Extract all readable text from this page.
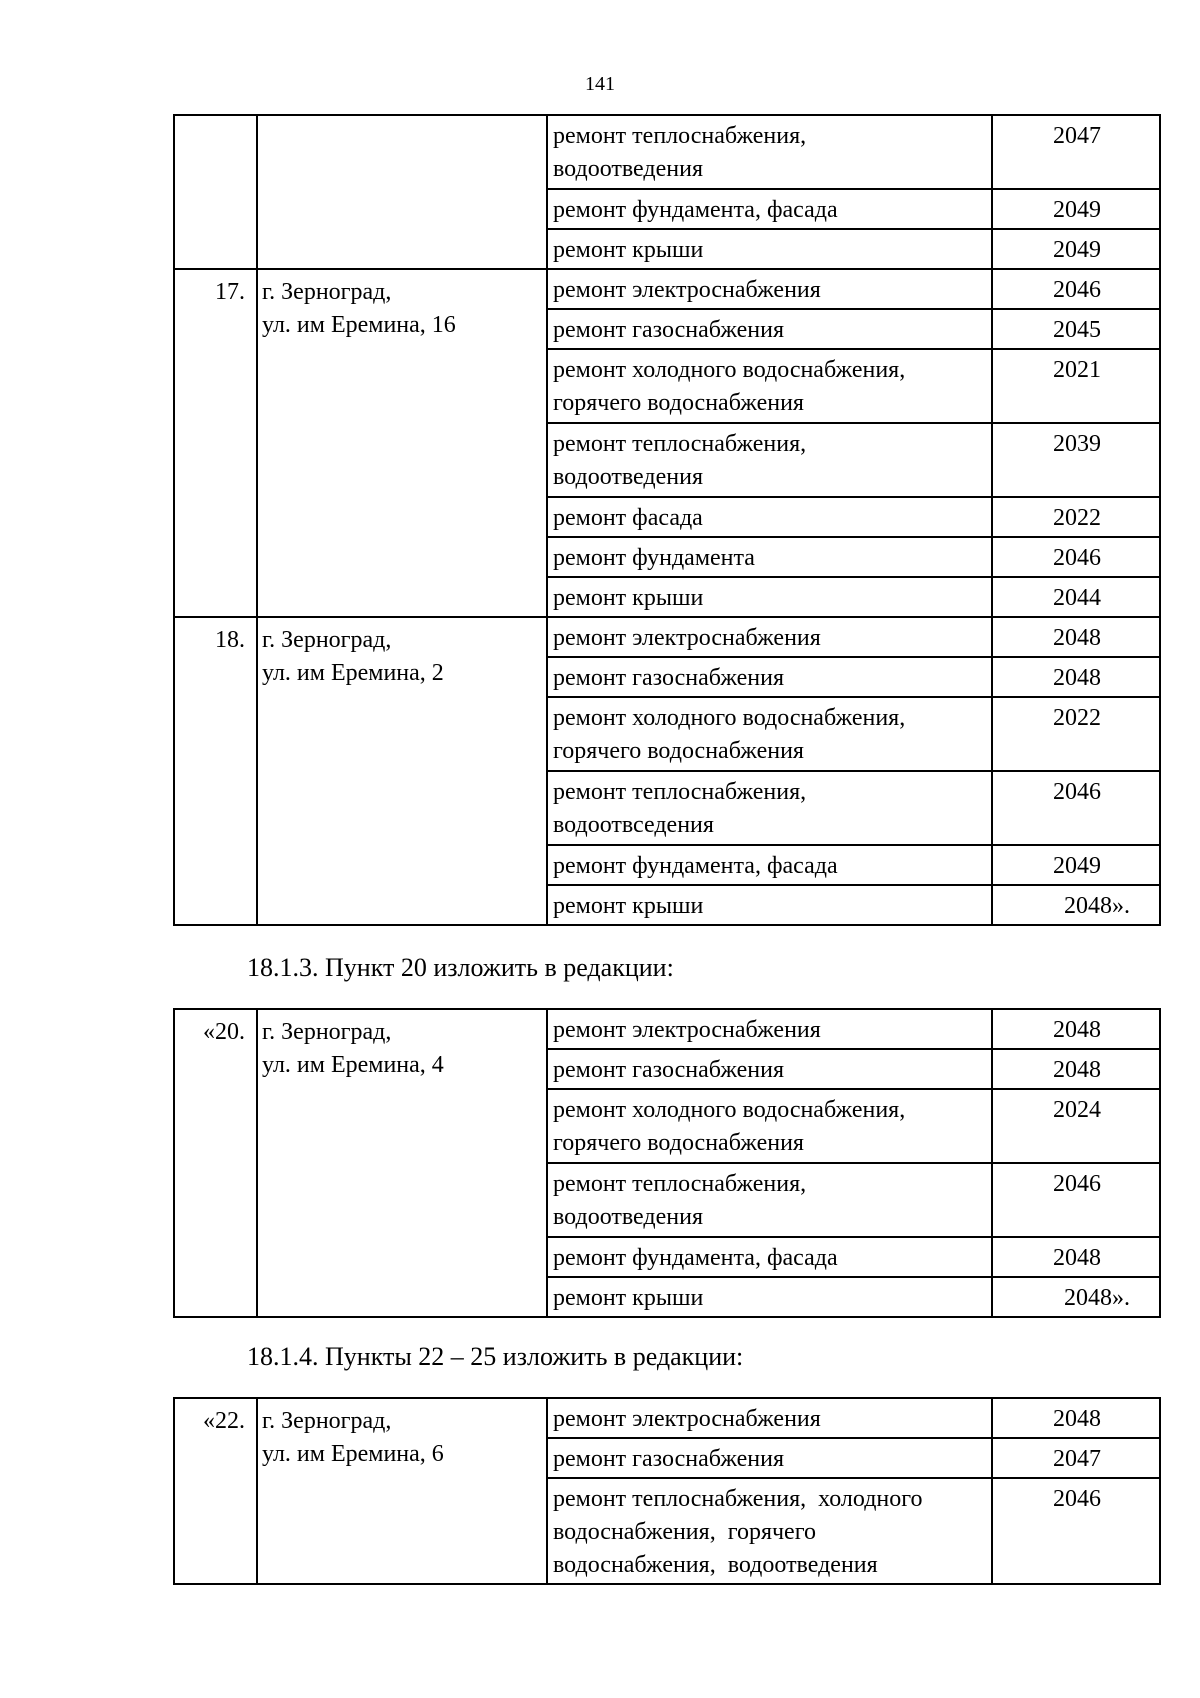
141
		ремонт теплоснабжения,
водоотведения	2047
		ремонт фундамента, фасада	2049
		ремонт крыши	2049
17.	г. Зерноград,
ул. им Еремина, 16	ремонт электроснабжения	2046
		ремонт газоснабжения	2045
		ремонт холодного водоснабжения,
горячего водоснабжения	2021
		ремонт теплоснабжения,
водоотведения	2039
		ремонт фасада	2022
		ремонт фундамента	2046
		ремонт крыши	2044
18.	г. Зерноград,
ул. им Еремина, 2	ремонт электроснабжения	2048
		ремонт газоснабжения	2048
		ремонт холодного водоснабжения,
горячего водоснабжения	2022
		ремонт теплоснабжения,
водоотвседения	2046
		ремонт фундамента, фасада	2049
		ремонт крыши	2048».
18.1.3. Пункт 20 изложить в редакции:
«20.	г. Зерноград,
ул. им Еремина, 4	ремонт электроснабжения	2048
		ремонт газоснабжения	2048
		ремонт холодного водоснабжения,
горячего водоснабжения	2024
		ремонт теплоснабжения,
водоотведения	2046
		ремонт фундамента, фасада	2048
		ремонт крыши	2048».
18.1.4. Пункты 22 – 25 изложить в редакции:
«22.	г. Зерноград,
ул. им Еремина, 6	ремонт электроснабжения	2048
		ремонт газоснабжения	2047
		ремонт теплоснабжения,  холодного
водоснабжения,  горячего
водоснабжения,  водоотведения	2046
